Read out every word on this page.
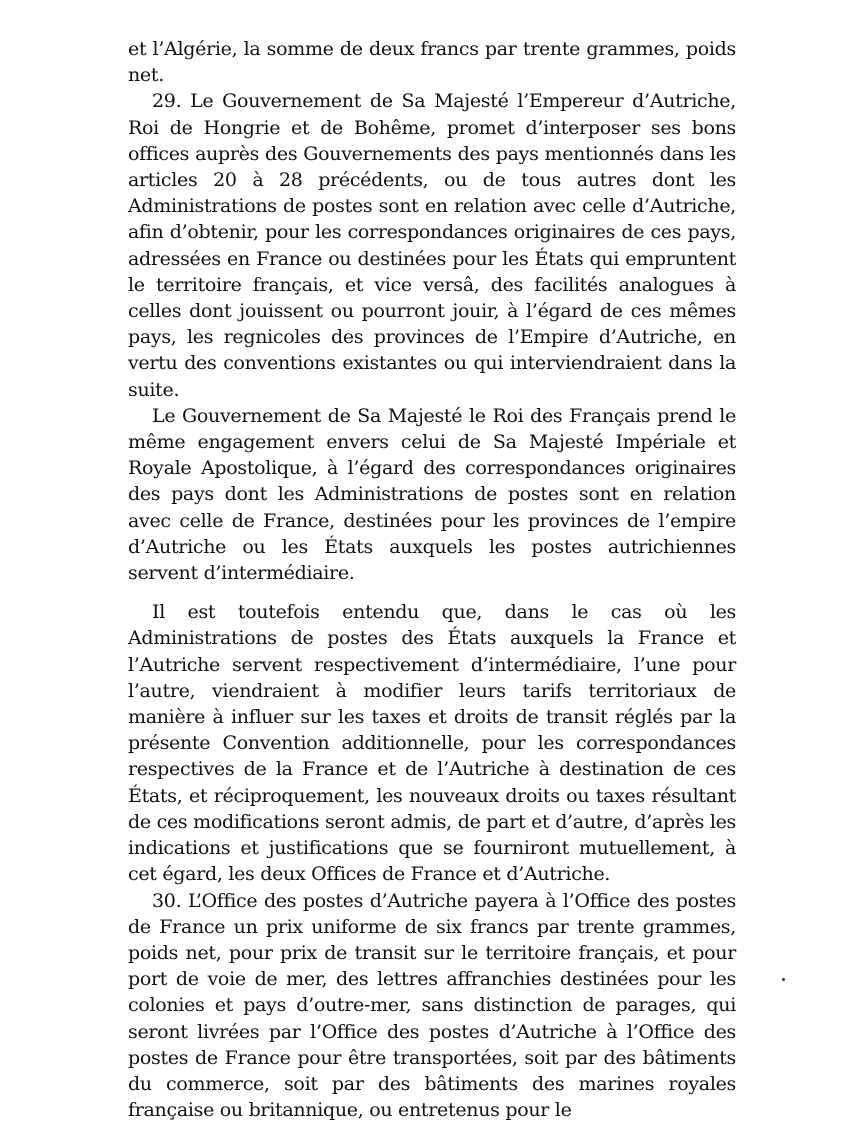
et l’Algérie, la somme de deux francs par trente grammes, poids net.

29. Le Gouvernement de Sa Majesté l’Empereur d’Autriche, Roi de Hongrie et de Bohême, promet d’interposer ses bons offices auprès des Gouvernements des pays mentionnés dans les articles 20 à 28 précédents, ou de tous autres dont les Administrations de postes sont en relation avec celle d’Autriche, afin d’obtenir, pour les correspondances originaires de ces pays, adressées en France ou destinées pour les États qui empruntent le territoire français, et vice versâ, des facilités analogues à celles dont jouissent ou pourront jouir, à l’égard de ces mêmes pays, les regnicoles des provinces de l’Empire d’Autriche, en vertu des conventions existantes ou qui interviendraient dans la suite.

Le Gouvernement de Sa Majesté le Roi des Français prend le même engagement envers celui de Sa Majesté Impériale et Royale Apostolique, à l’égard des correspondances originaires des pays dont les Administrations de postes sont en relation avec celle de France, destinées pour les provinces de l’empire d’Autriche ou les États auxquels les postes autrichiennes servent d’intermédiaire.

Il est toutefois entendu que, dans le cas où les Administrations de postes des États auxquels la France et l’Autriche servent respectivement d’intermédiaire, l’une pour l’autre, viendraient à modifier leurs tarifs territoriaux de manière à influer sur les taxes et droits de transit réglés par la présente Convention additionnelle, pour les correspondances respectives de la France et de l’Autriche à destination de ces États, et réciproquement, les nouveaux droits ou taxes résultant de ces modifications seront admis, de part et d’autre, d’après les indications et justifications que se fourniront mutuellement, à cet égard, les deux Offices de France et d’Autriche.

30. L’Office des postes d’Autriche payera à l’Office des postes de France un prix uniforme de six francs par trente grammes, poids net, pour prix de transit sur le territoire français, et pour port de voie de mer, des lettres affranchies destinées pour les colonies et pays d’outre-mer, sans distinction de parages, qui seront livrées par l’Office des postes d’Autriche à l’Office des postes de France pour être transportées, soit par des bâtiments du commerce, soit par des bâtiments des marines royales française ou britannique, ou entretenus pour le
